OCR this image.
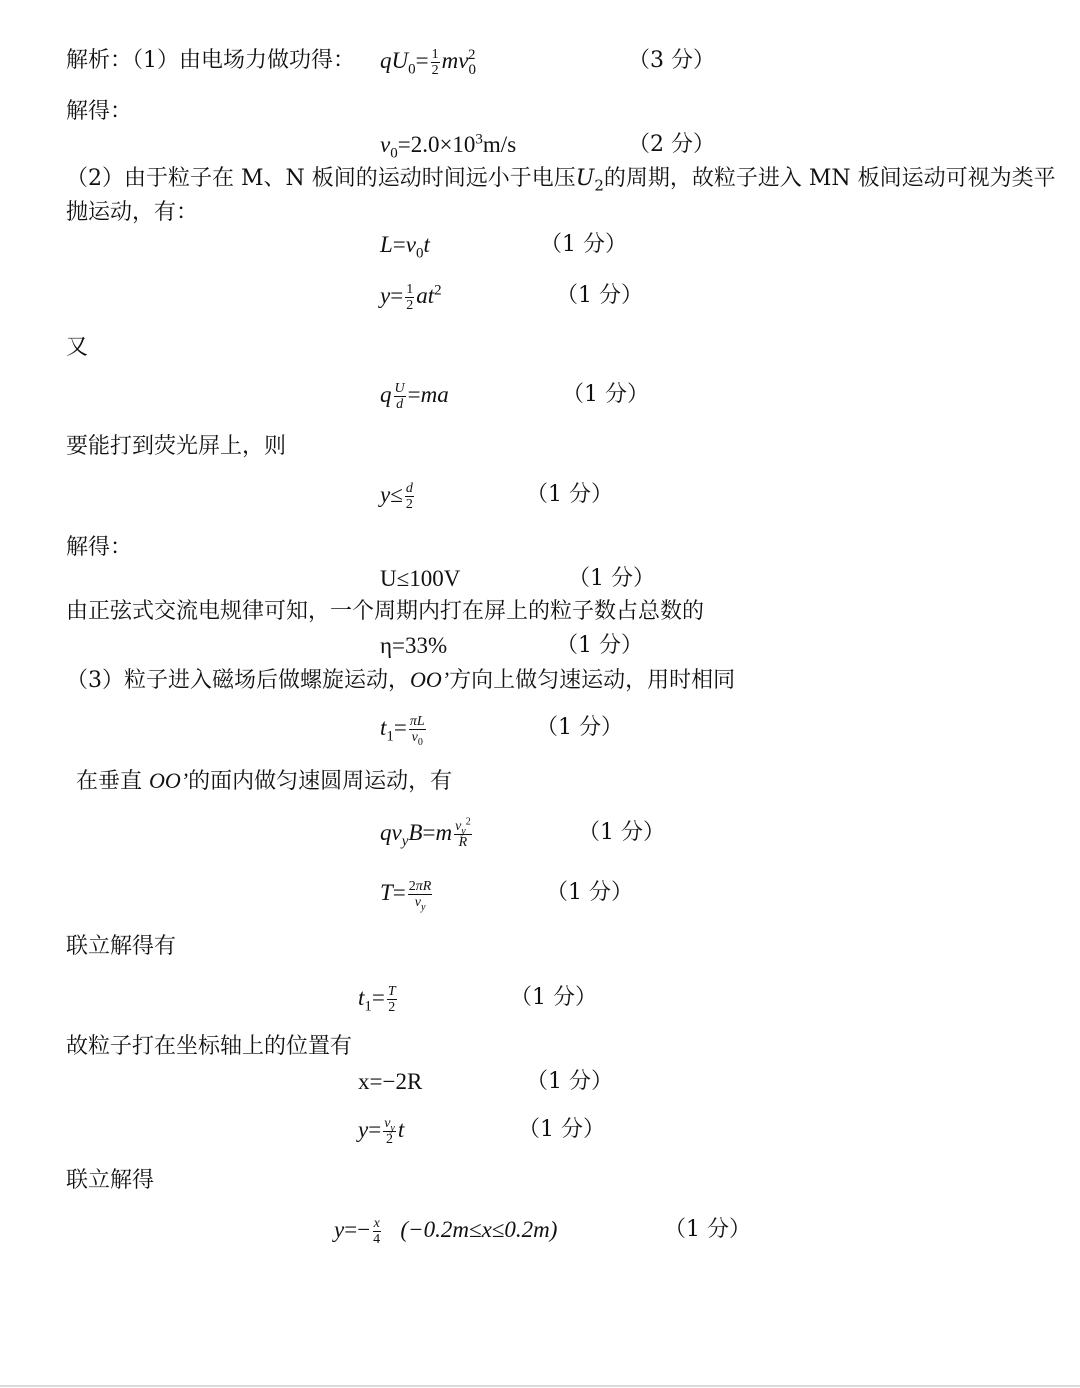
解析：（1）由电场力做功得： $qU_0= \frac{1}{2} mv_0^2$	（3 分）
解得：
$v_0=2.0\times 10^3m/s$	（2 分）
（2）由于粒子在 M、N 板间的运动时间远小于电压$U_2$的周期，故粒子进入 MN 板间运动可视为类平
抛运动，有：
$L=v_0t$	（1 分）
$y= \frac{1}{2} at^2$	（1 分）
又
q $\frac{U}{d} =ma$	（1 分）
要能打到荧光屏上，则
$y\le \frac{d}{2}$	（1 分）
解得：
U≤100V	（1 分）
由正弦式交流电规律可知，一个周期内打在屏上的粒子数占总数的
η=33%	（1 分）
（3）粒子进入磁场后做螺旋运动，OO’方向上做匀速运动，用时相同
$t_1= \frac{\pi L}{v_0}$	（1 分）
在垂直 OO’的面内做匀速圆周运动，有
$qv_yB=m \frac{v_y^2}{R}$	（1 分）
$T= \frac{2\pi R}{v_y}$	（1 分）
联立解得有
$t_1= \frac{T}{2}$	（1 分）
故粒子打在坐标轴上的位置有
x=−2R	（1 分）
$y= \frac{v_y}{2}$ t	（1 分）
联立解得
$y=- \frac{x}{4} (-0.2m\le x\le 0.2m)$	（1 分）
